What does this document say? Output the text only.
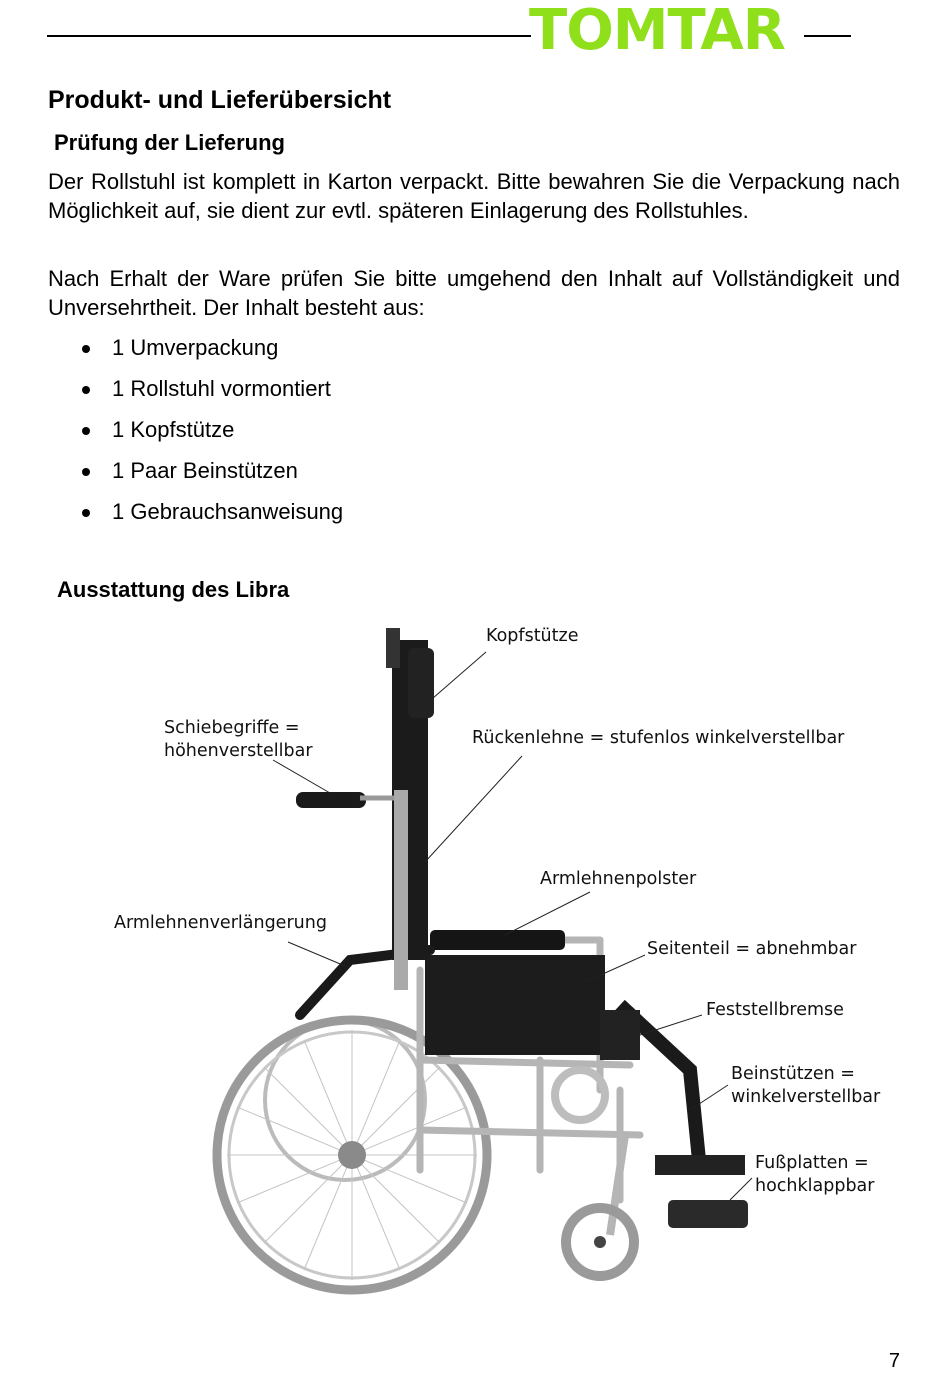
TOMTAR
Produkt- und Lieferübersicht
Prüfung der Lieferung

Der Rollstuhl ist komplett in Karton verpackt. Bitte bewahren Sie die Verpackung nach Möglichkeit auf, sie dient zur evtl. späteren Einlagerung des Rollstuhles.

Nach Erhalt der Ware prüfen Sie bitte umgehend den Inhalt auf Vollständigkeit und Unversehrtheit. Der Inhalt besteht aus:

1 Umverpackung
1 Rollstuhl vormontiert
1 Kopfstütze
1 Paar Beinstützen
1 Gebrauchsanweisung
Ausstattung des Libra
Kopfstütze
Schiebegriffe =
höhenverstellbar
Rückenlehne = stufenlos winkelverstellbar
Armlehnenpolster
Armlehnenverlängerung
Seitenteil = abnehmbar
Feststellbremse
Beinstützen =
winkelverstellbar
Fußplatten =
hochklappbar
7
